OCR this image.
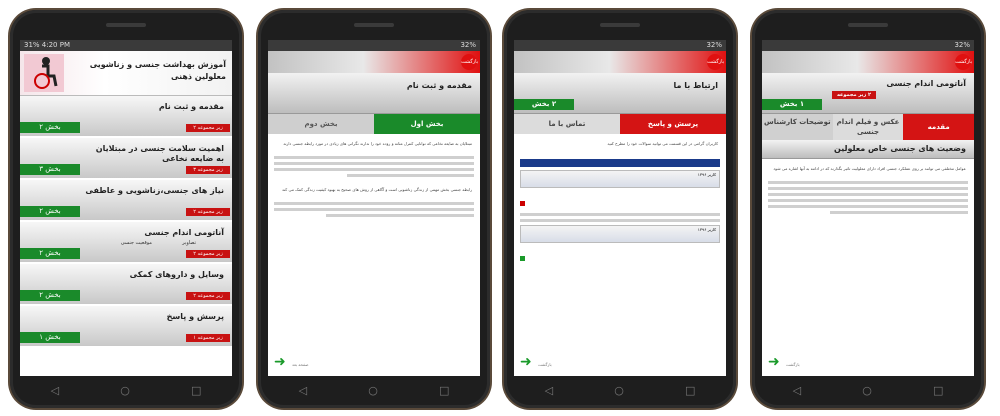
31% 4:20 PM
آموزش بهداشت جنسی و زناشویی معلولین ذهنی
مقدمه و ثبت نام
۲ بخش	۲ زیر مجموعه
اهمیت سلامت جنسی در مبتلایان به ضایعه نخاعی
۳ بخش	۳ زیر مجموعه
نیاز های جنسی،زناشویی و عاطفی
۲ بخش	۲ زیر مجموعه
آناتومی اندام جنسی
موقعیت جنسی	تصاویر
۲ بخش	۲ زیر مجموعه
وسایل و داروهای کمکی
۲ بخش	۲ زیر مجموعه
پرسش و پاسخ
۱ بخش	۱ زیر مجموعه
◁	○	□
32%
بازگشت
مقدمه و ثبت نام
بخش اول
بخش دوم
مبتلایان به ضایعه نخاعی که توانایی کنترل مثانه و روده خود را ندارند نگرانی های زیادی در مورد رابطه جنسی دارند
رابطه جنسی بخش مهمی از زندگی زناشویی است و آگاهی از روش های صحیح به بهبود کیفیت زندگی کمک می کند
➜ صفحه بعد
◁	○	□
32%
بازگشت
ارتباط با ما
۲ بخش
پرسش و پاسخ
تماس با ما
کاربران گرامی در این قسمت می توانید سوالات خود را مطرح کنید
کاربر ۱۳۹۶
کاربر ۱۳۹۶
➜ بازگشت
◁	○	□
32%
بازگشت
آناتومی اندام جنسی
۱ بخش
۲ زیر مجموعه
مقدمه
عکس و فیلم اندام جنسی
توضیحات کارشناس
وضعیت های جنسی خاص معلولین
عوامل مختلفی می توانند بر روی عملکرد جنسی افراد دارای معلولیت تاثیر بگذارند که در ادامه به آنها اشاره می شود
➜ بازگشت
◁	○	□
